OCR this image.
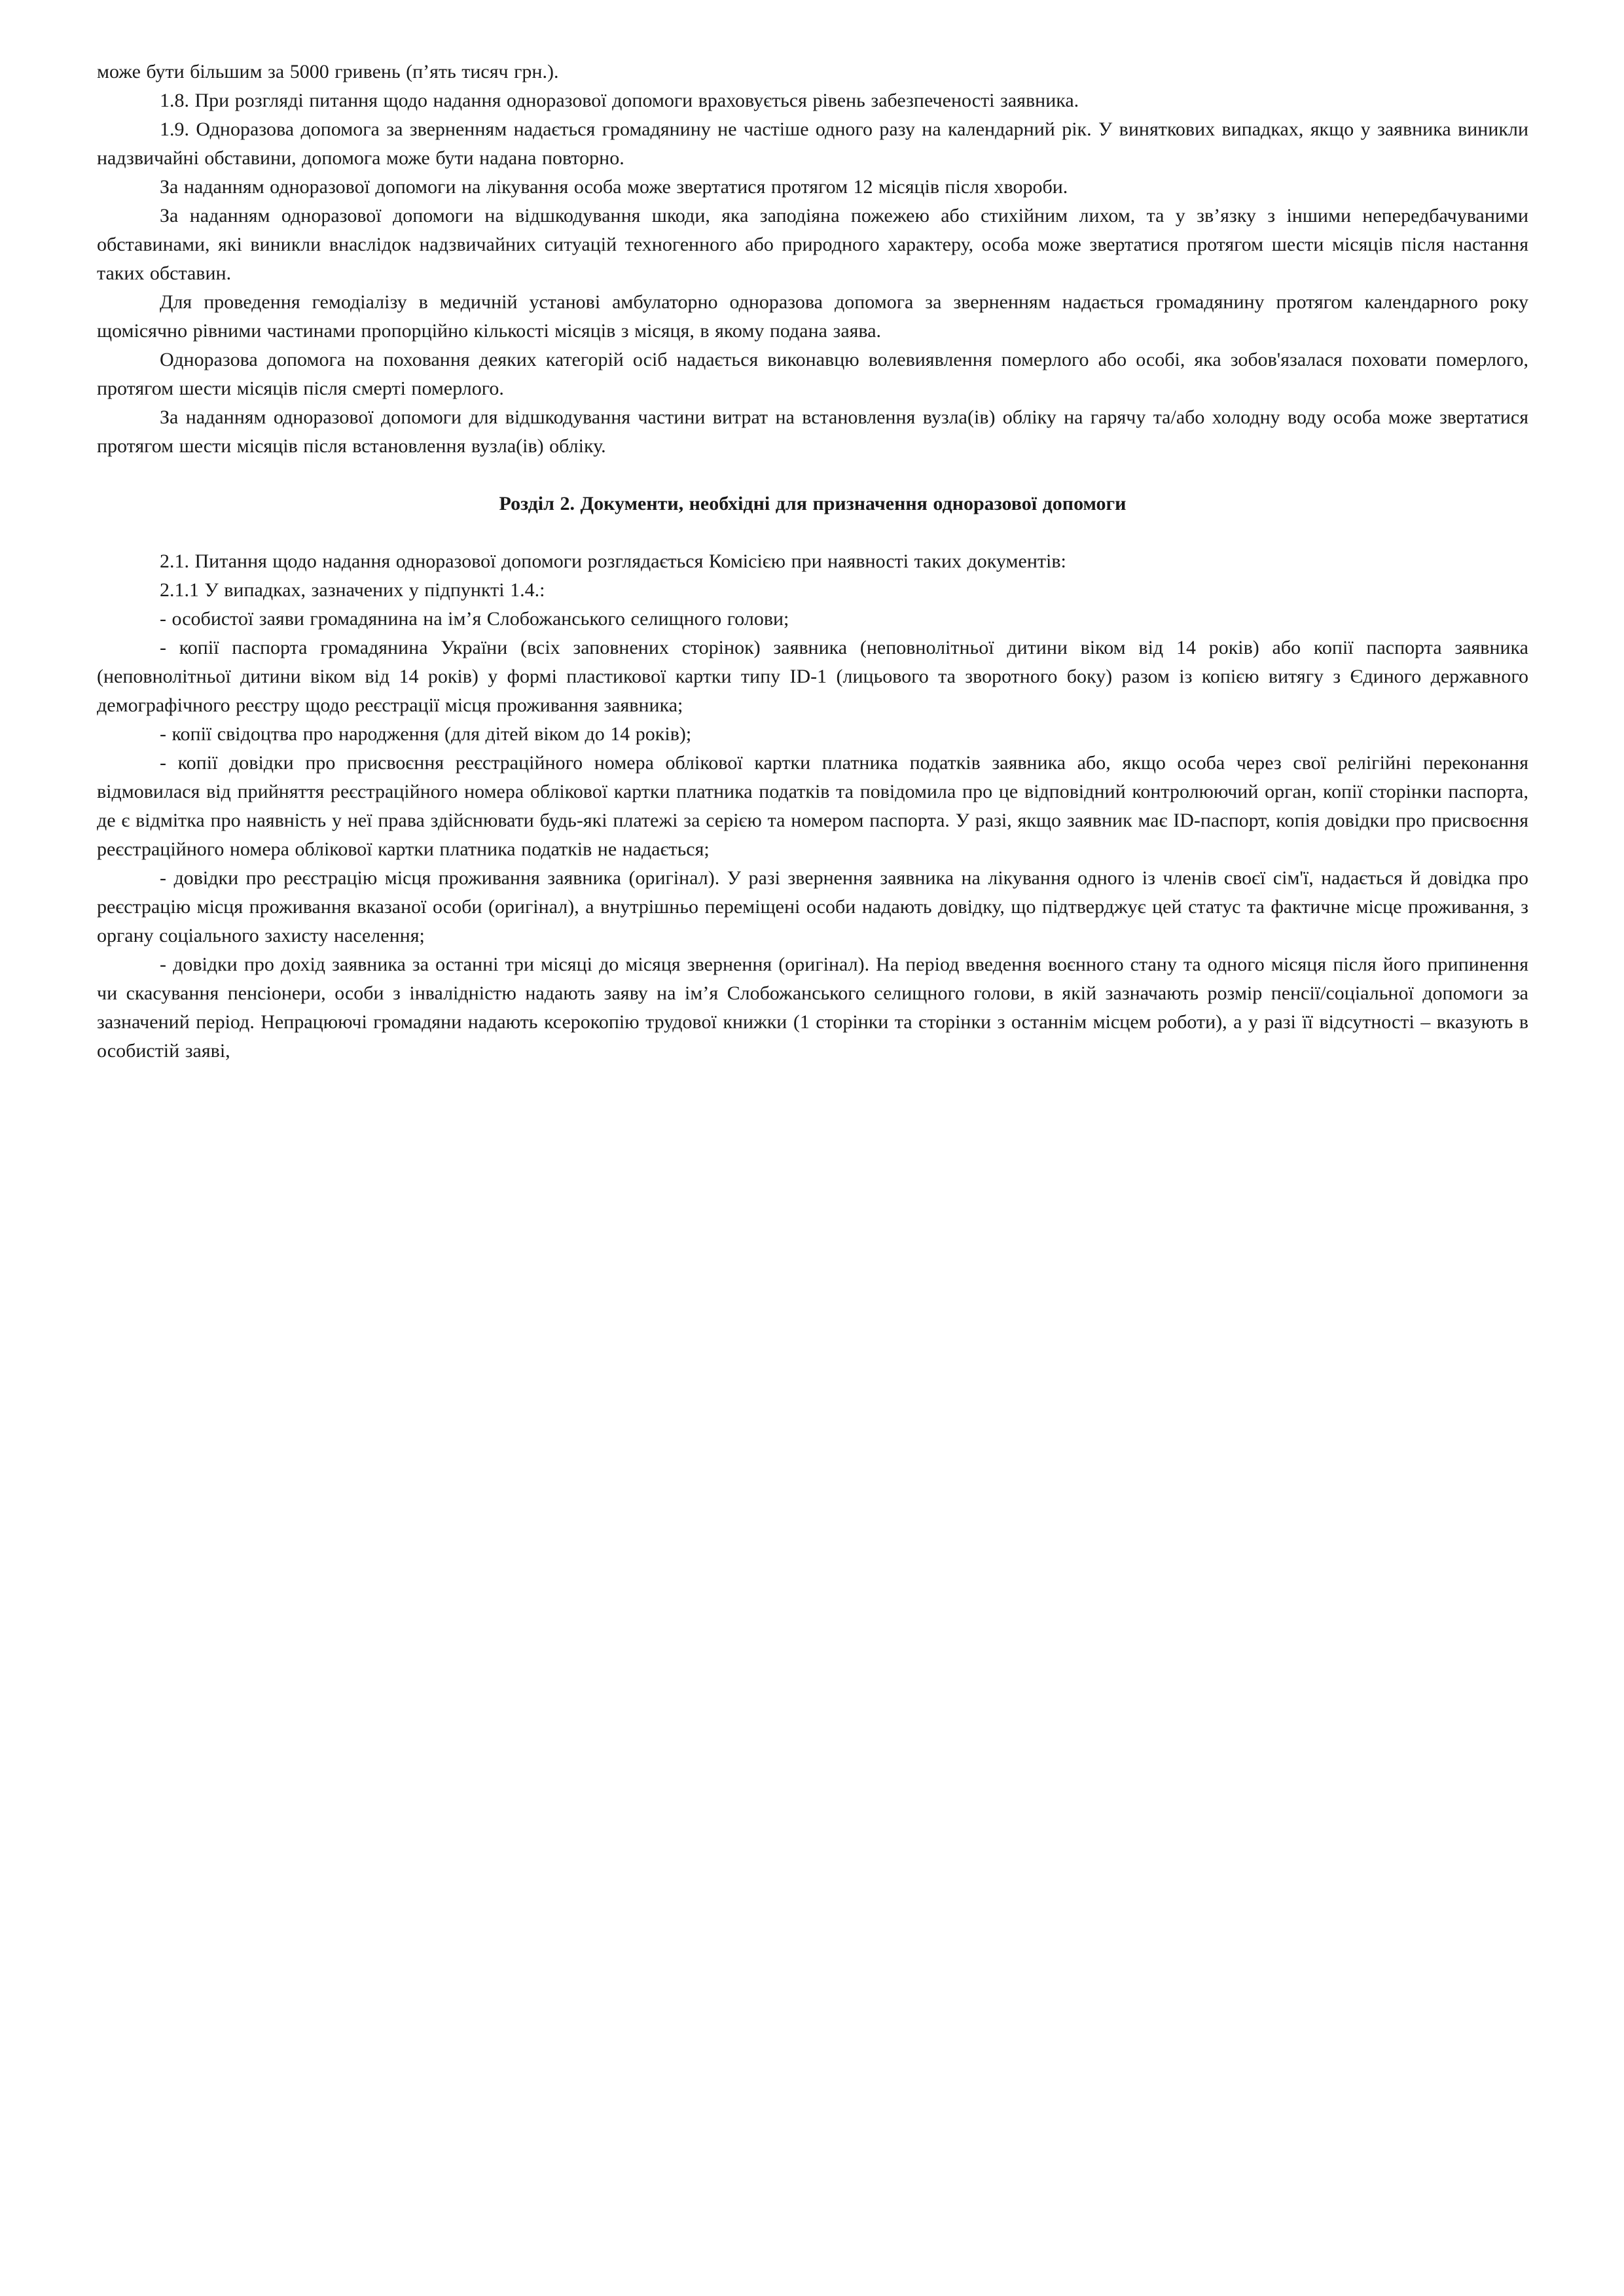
може бути більшим за 5000 гривень (п’ять тисяч грн.).

1.8. При розгляді питання щодо надання одноразової допомоги враховується рівень забезпеченості заявника.

1.9. Одноразова допомога за зверненням надається громадянину не частіше одного разу на календарний рік. У виняткових випадках, якщо у заявника виникли надзвичайні обставини, допомога може бути надана повторно.

За наданням одноразової допомоги на лікування особа може звертатися протягом 12 місяців після хвороби.

За наданням одноразової допомоги на відшкодування шкоди, яка заподіяна пожежею або стихійним лихом, та у зв’язку з іншими непередбачуваними обставинами, які виникли внаслідок надзвичайних ситуацій техногенного або природного характеру, особа може звертатися протягом шести місяців після настання таких обставин.

Для проведення гемодіалізу в медичній установі амбулаторно одноразова допомога за зверненням надається громадянину протягом календарного року щомісячно рівними частинами пропорційно кількості місяців з місяця, в якому подана заява.

Одноразова допомога на поховання деяких категорій осіб надається виконавцю волевиявлення померлого або особі, яка зобов'язалася поховати померлого, протягом шести місяців після смерті померлого.

За наданням одноразової допомоги для відшкодування частини витрат на встановлення вузла(ів) обліку на гарячу та/або холодну воду особа може звертатися протягом шести місяців після встановлення вузла(ів) обліку.

Розділ 2. Документи, необхідні для призначення одноразової допомоги

2.1. Питання щодо надання одноразової допомоги розглядається Комісією при наявності таких документів:

2.1.1 У випадках, зазначених у підпункті 1.4.:

- особистої заяви громадянина на ім’я Слобожанського селищного голови;

- копії паспорта громадянина України (всіх заповнених сторінок) заявника (неповнолітньої дитини віком від 14 років) або копії паспорта заявника (неповнолітньої дитини віком від 14 років) у формі пластикової картки типу ID-1 (лицьового та зворотного боку) разом із копією витягу з Єдиного державного демографічного реєстру щодо реєстрації місця проживання заявника;

- копії свідоцтва про народження (для дітей віком до 14 років);

- копії довідки про присвоєння реєстраційного номера облікової картки платника податків заявника або, якщо особа через свої релігійні переконання відмовилася від прийняття реєстраційного номера облікової картки платника податків та повідомила про це відповідний контролюючий орган, копії сторінки паспорта, де є відмітка про наявність у неї права здійснювати будь-які платежі за серією та номером паспорта. У разі, якщо заявник має ID-паспорт, копія довідки про присвоєння реєстраційного номера облікової картки платника податків не надається;

- довідки про реєстрацію місця проживання заявника (оригінал). У разі звернення заявника на лікування одного із членів своєї сім'ї, надається й довідка про реєстрацію місця проживання вказаної особи (оригінал), а внутрішньо переміщені особи надають довідку, що підтверджує цей статус та фактичне місце проживання, з органу соціального захисту населення;

- довідки про дохід заявника за останні три місяці до місяця звернення (оригінал). На період введення воєнного стану та одного місяця після його припинення чи скасування пенсіонери, особи з інвалідністю надають заяву на ім’я Слобожанського селищного голови, в якій зазначають розмір пенсії/соціальної допомоги за зазначений період. Непрацюючі громадяни надають ксерокопію трудової книжки (1 сторінки та сторінки з останнім місцем роботи), а у разі її відсутності – вказують в особистій заяві,
